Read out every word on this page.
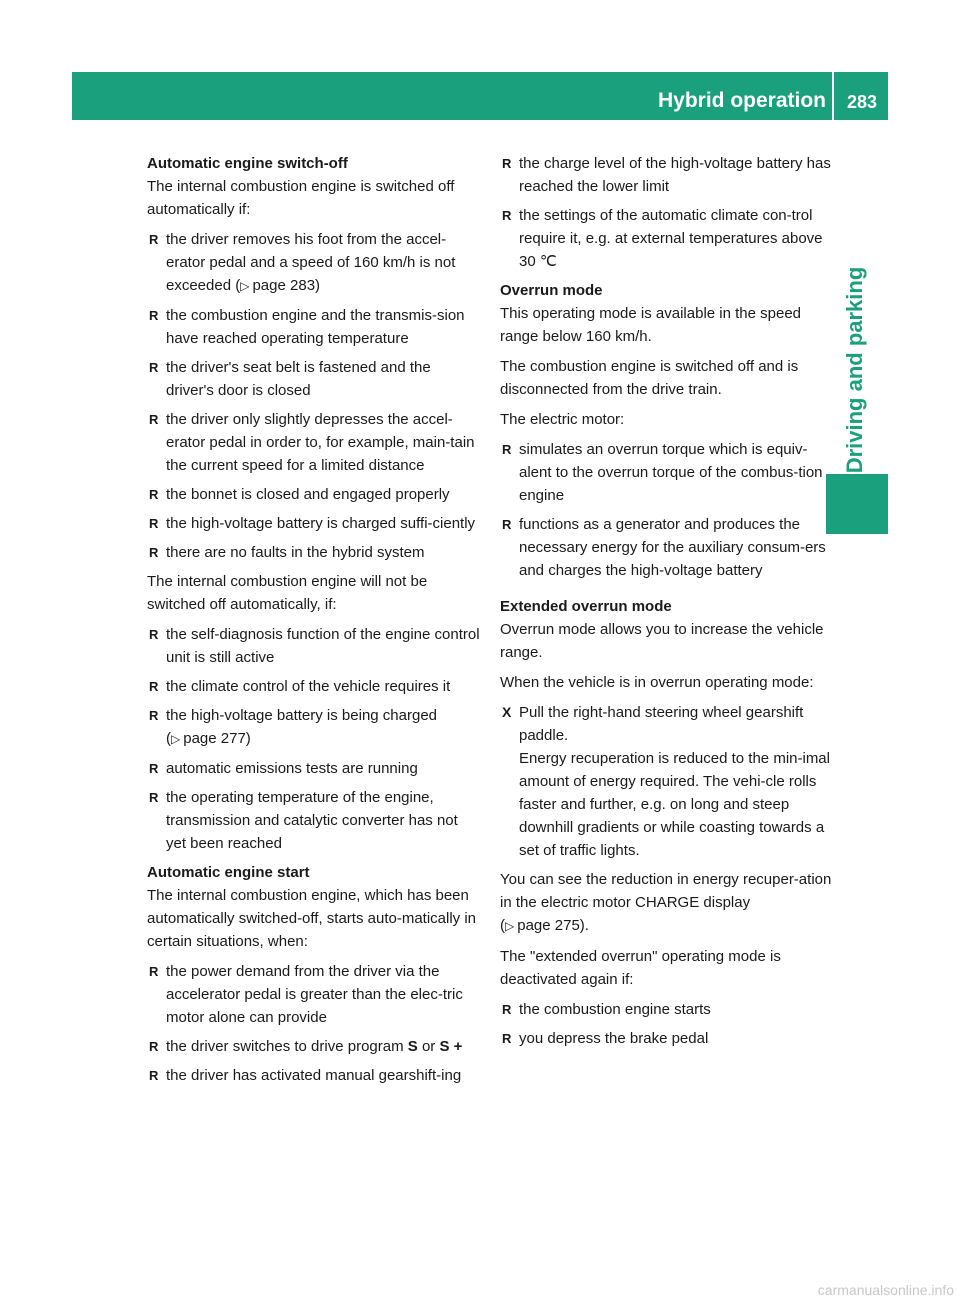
Hybrid operation	283
Driving and parking

Automatic engine switch-off

The internal combustion engine is switched off automatically if:

R the driver removes his foot from the accel-erator pedal and a speed of 160 km/h is not exceeded (▷ page 283)
R the combustion engine and the transmis-sion have reached operating temperature
R the driver's seat belt is fastened and the driver's door is closed
R the driver only slightly depresses the accel-erator pedal in order to, for example, main-tain the current speed for a limited distance
R the bonnet is closed and engaged properly
R the high-voltage battery is charged suffi-ciently
R there are no faults in the hybrid system

The internal combustion engine will not be switched off automatically, if:

R the self-diagnosis function of the engine control unit is still active
R the climate control of the vehicle requires it
R the high-voltage battery is being charged
(▷ page 277)
R automatic emissions tests are running
R the operating temperature of the engine, transmission and catalytic converter has not yet been reached

Automatic engine start

The internal combustion engine, which has been automatically switched-off, starts auto-matically in certain situations, when:

R the power demand from the driver via the accelerator pedal is greater than the elec-tric motor alone can provide
R the driver switches to drive program S or S +
R the driver has activated manual gearshift-ing
R the charge level of the high-voltage battery has reached the lower limit
R the settings of the automatic climate con-trol require it, e.g. at external temperatures above 30 ℃

Overrun mode

This operating mode is available in the speed range below 160 km/h.

The combustion engine is switched off and is disconnected from the drive train.

The electric motor:

R simulates an overrun torque which is equiv-alent to the overrun torque of the combus-tion engine
R functions as a generator and produces the necessary energy for the auxiliary consum-ers and charges the high-voltage battery

Extended overrun mode

Overrun mode allows you to increase the vehicle range.

When the vehicle is in overrun operating mode:

X Pull the right-hand steering wheel gearshift paddle.
Energy recuperation is reduced to the min-imal amount of energy required. The vehi-cle rolls faster and further, e.g. on long and steep downhill gradients or while coasting towards a set of traffic lights.

You can see the reduction in energy recuper-ation in the electric motor CHARGE display
(▷ page 275).

The "extended overrun" operating mode is deactivated again if:

R the combustion engine starts
R you depress the brake pedal
carmanualsonline.info
